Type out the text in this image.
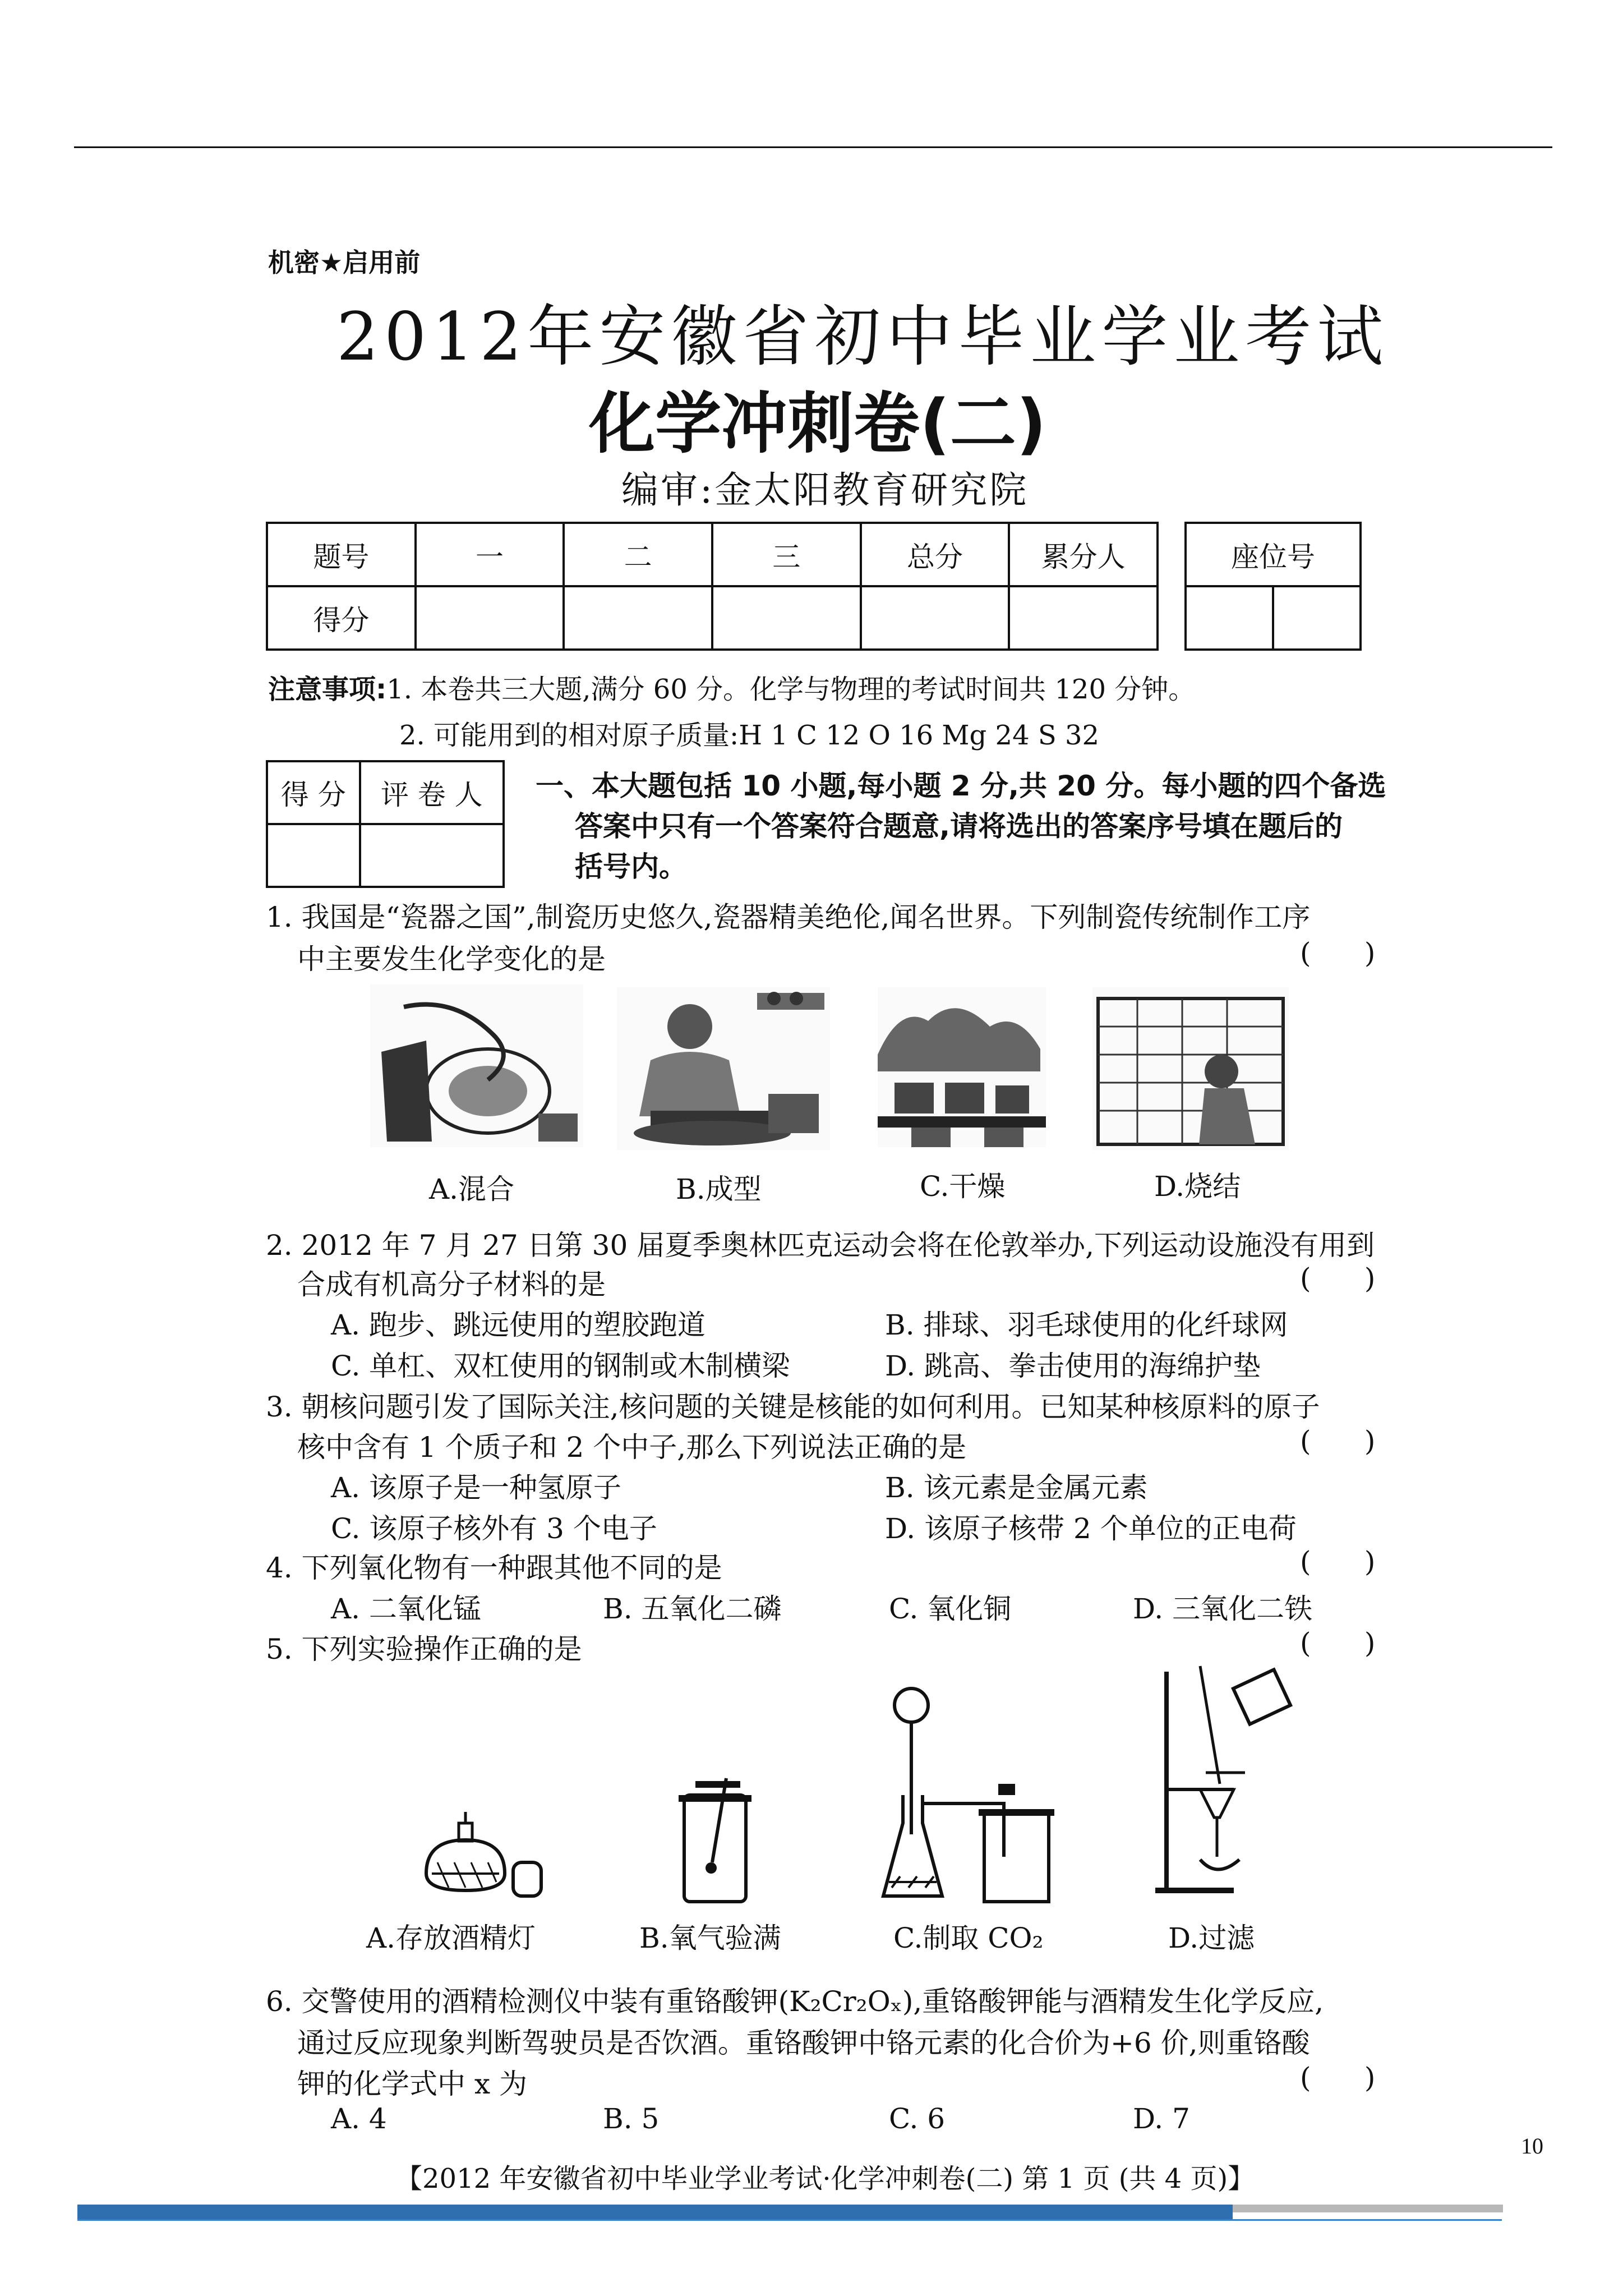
机密★启用前
2012年安徽省初中毕业学业考试
化学冲刺卷(二)
编审:金太阳教育研究院
题号	一	二	三	总分	累分人
得分					
座位号

注意事项:1. 本卷共三大题,满分 60 分。化学与物理的考试时间共 120 分钟。
2. 可能用到的相对原子质量:H 1 C 12 O 16 Mg 24 S 32
得 分	评 卷 人
	一、本大题包括 10 小题,每小题 2 分,共 20 分。每小题的四个备选
答案中只有一个答案符合题意,请将选出的答案序号填在题后的
括号内。
1. 我国是“瓷器之国”,制瓷历史悠久,瓷器精美绝伦,闻名世界。下列制瓷传统制作工序
中主要发生化学变化的是	(      )
A.混合	B.成型	C.干燥	D.烧结
2. 2012 年 7 月 27 日第 30 届夏季奥林匹克运动会将在伦敦举办,下列运动设施没有用到
合成有机高分子材料的是	(      )
A. 跑步、跳远使用的塑胶跑道	B. 排球、羽毛球使用的化纤球网
C. 单杠、双杠使用的钢制或木制横梁	D. 跳高、拳击使用的海绵护垫
3. 朝核问题引发了国际关注,核问题的关键是核能的如何利用。已知某种核原料的原子
核中含有 1 个质子和 2 个中子,那么下列说法正确的是	(      )
A. 该原子是一种氢原子	B. 该元素是金属元素
C. 该原子核外有 3 个电子	D. 该原子核带 2 个单位的正电荷
4. 下列氧化物有一种跟其他不同的是	(      )
A. 二氧化锰	B. 五氧化二磷	C. 氧化铜	D. 三氧化二铁
5. 下列实验操作正确的是	(      )
A.存放酒精灯	B.氧气验满	C.制取 CO₂	D.过滤
6. 交警使用的酒精检测仪中装有重铬酸钾(K₂Cr₂Oₓ),重铬酸钾能与酒精发生化学反应,
通过反应现象判断驾驶员是否饮酒。重铬酸钾中铬元素的化合价为+6 价,则重铬酸
钾的化学式中 x 为	(      )
A. 4	B. 5	C. 6	D. 7
10
【2012 年安徽省初中毕业学业考试·化学冲刺卷(二) 第 1 页 (共 4 页)】
